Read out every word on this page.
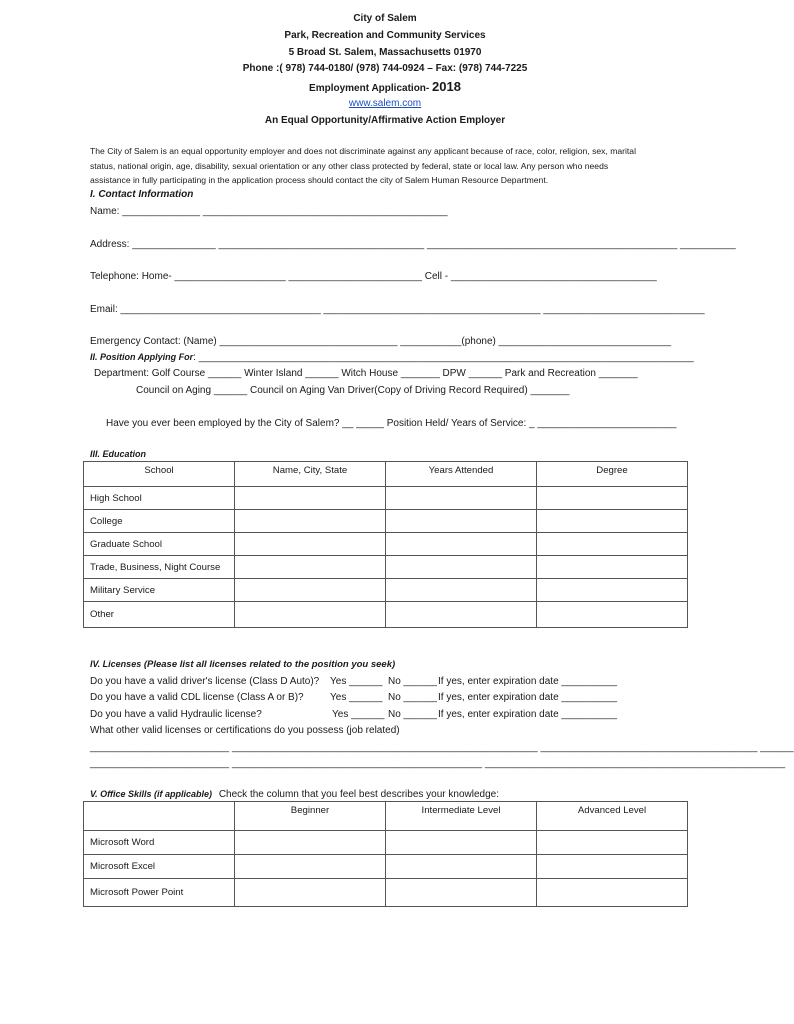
City of Salem
Park, Recreation and Community Services
5 Broad St. Salem, Massachusetts 01970
Phone :( 978) 744-0180/ (978) 744-0924 – Fax: (978) 744-7225
Employment Application- 2018
www.salem.com
An Equal Opportunity/Affirmative Action Employer
The City of Salem is an equal opportunity employer and does not discriminate against any applicant because of race, color, religion, sex, marital
status, national origin, age, disability, sexual orientation or any other class protected by federal, state or local law. Any person who needs
assistance in fully participating in the application process should contact the city of Salem Human Resource Department.
I. Contact Information
Name: ______________ ____________________________________________
Address: _______________ _____________________________________ _____________________________________________ __________
Telephone: Home- ____________________ ________________________ Cell - _____________________________________
Email: ____________________________________ _______________________________________ _____________________________
Emergency Contact: (Name) ________________________________ ___________(phone) _______________________________
II. Position Applying For: _________________________________________________________________________________________
Department: Golf Course ______ Winter Island ______ Witch House _______ DPW ______ Park and Recreation _______
Council on Aging ______ Council on Aging Van Driver(Copy of Driving Record Required) _______
Have you ever been employed by the City of Salem? __ _____ Position Held/ Years of Service: _ _________________________
III. Education
School	Name, City, State	Years Attended	Degree
High School			
College			
Graduate School			
Trade, Business, Night Course			
Military Service			
Other			
IV. Licenses (Please list all licenses related to the position you seek)
Do you have a valid driver's license (Class D Auto)? Yes ______ No ______ If yes, enter expiration date __________
Do you have a valid CDL license (Class A or B)?	Yes ______ No ______ If yes, enter expiration date __________
Do you have a valid Hydraulic license?	Yes ______ No ______ If yes, enter expiration date __________
What other valid licenses or certifications do you possess (job related)
_________________________ _______________________________________________________ _______________________________________ ______
_________________________ _____________________________________________ ______________________________________________________
V. Office Skills (if applicable) Check the column that you feel best describes your knowledge:
	Beginner	Intermediate Level	Advanced Level
Microsoft Word			
Microsoft Excel			
Microsoft Power Point			
